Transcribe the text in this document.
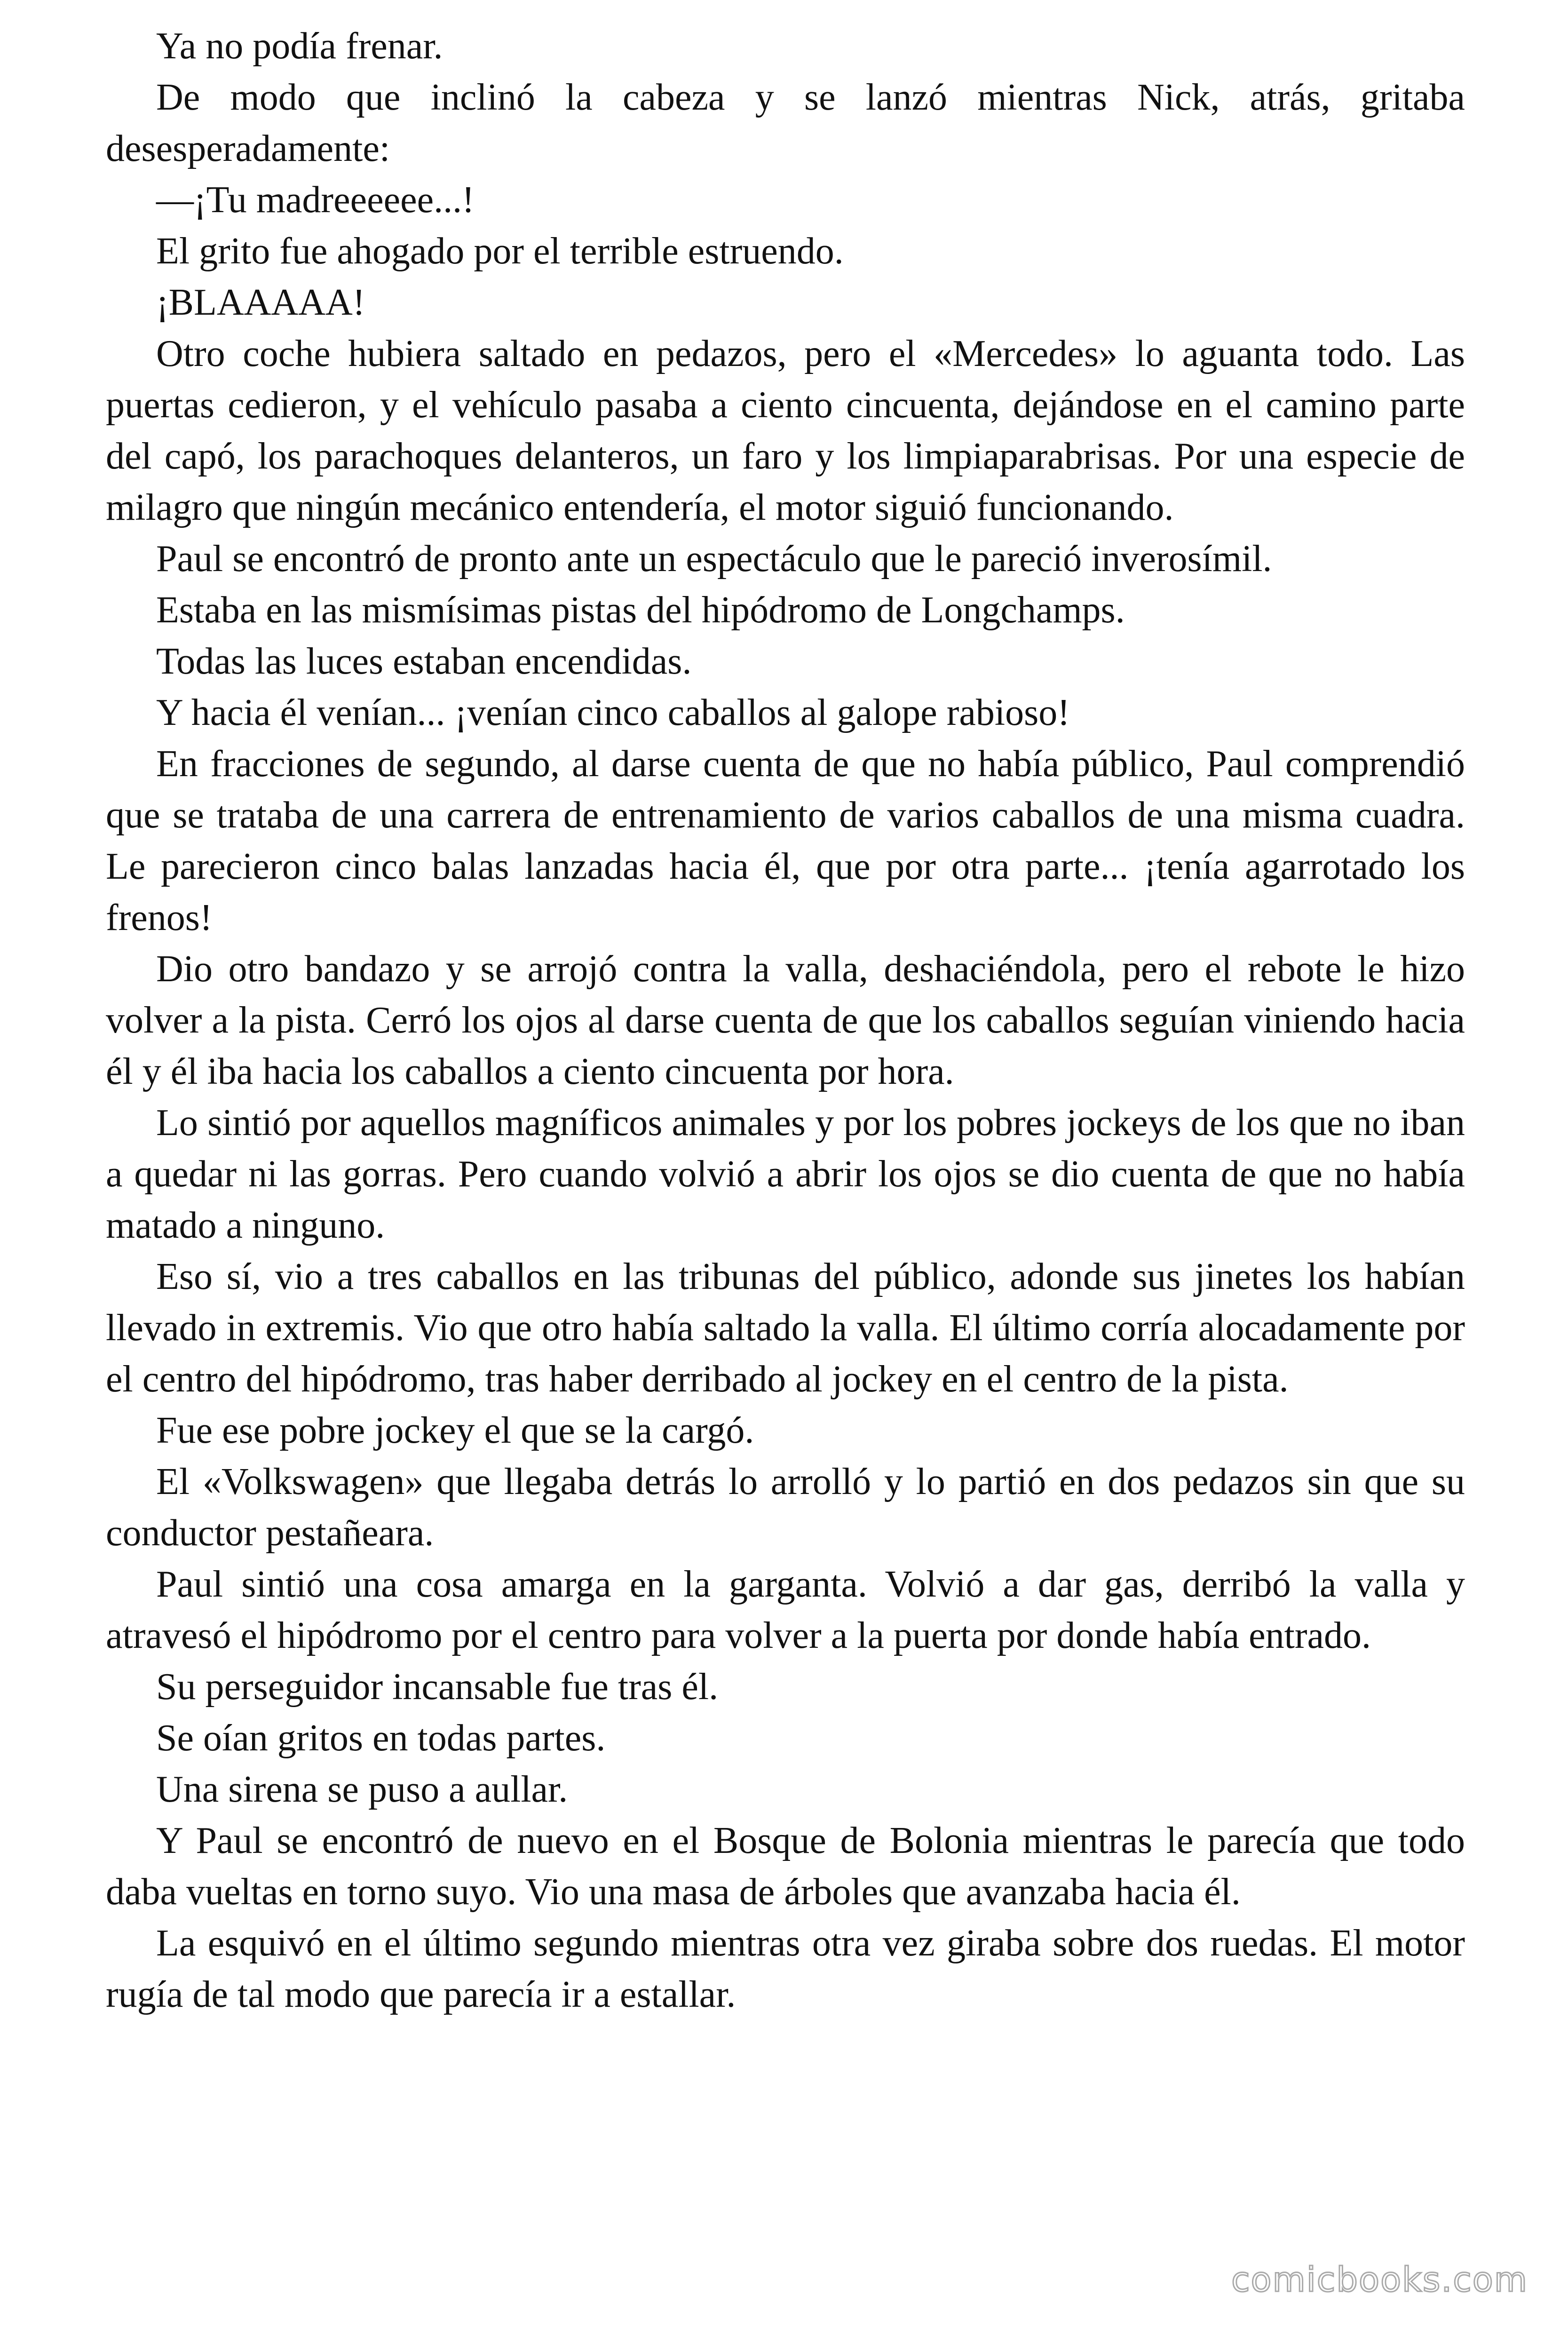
Ya no podía frenar.

De modo que inclinó la cabeza y se lanzó mientras Nick, atrás, gritaba desesperadamente:

—¡Tu madreeeeee...!

El grito fue ahogado por el terrible estruendo.

¡BLAAAAA!

Otro coche hubiera saltado en pedazos, pero el «Mercedes» lo aguanta todo. Las puertas cedieron, y el vehículo pasaba a ciento cincuenta, dejándose en el camino parte del capó, los parachoques delanteros, un faro y los limpiaparabrisas. Por una especie de milagro que ningún mecánico entendería, el motor siguió funcionando.

Paul se encontró de pronto ante un espectáculo que le pareció inverosímil.

Estaba en las mismísimas pistas del hipódromo de Longchamps.

Todas las luces estaban encendidas.

Y hacia él venían... ¡venían cinco caballos al galope rabioso!

En fracciones de segundo, al darse cuenta de que no había público, Paul comprendió que se trataba de una carrera de entrenamiento de varios caballos de una misma cuadra. Le parecieron cinco balas lanzadas hacia él, que por otra parte... ¡tenía agarrotado los frenos!

Dio otro bandazo y se arrojó contra la valla, deshaciéndola, pero el rebote le hizo volver a la pista. Cerró los ojos al darse cuenta de que los caballos seguían viniendo hacia él y él iba hacia los caballos a ciento cincuenta por hora.

Lo sintió por aquellos magníficos animales y por los pobres jockeys de los que no iban a quedar ni las gorras. Pero cuando volvió a abrir los ojos se dio cuenta de que no había matado a ninguno.

Eso sí, vio a tres caballos en las tribunas del público, adonde sus jinetes los habían llevado in extremis. Vio que otro había saltado la valla. El último corría alocadamente por el centro del hipódromo, tras haber derribado al jockey en el centro de la pista.

Fue ese pobre jockey el que se la cargó.

El «Volkswagen» que llegaba detrás lo arrolló y lo partió en dos pedazos sin que su conductor pestañeara.

Paul sintió una cosa amarga en la garganta. Volvió a dar gas, derribó la valla y atravesó el hipódromo por el centro para volver a la puerta por donde había entrado.

Su perseguidor incansable fue tras él.

Se oían gritos en todas partes.

Una sirena se puso a aullar.

Y Paul se encontró de nuevo en el Bosque de Bolonia mientras le parecía que todo daba vueltas en torno suyo. Vio una masa de árboles que avanzaba hacia él.

La esquivó en el último segundo mientras otra vez giraba sobre dos ruedas. El motor rugía de tal modo que parecía ir a estallar.

comicbooks.com
